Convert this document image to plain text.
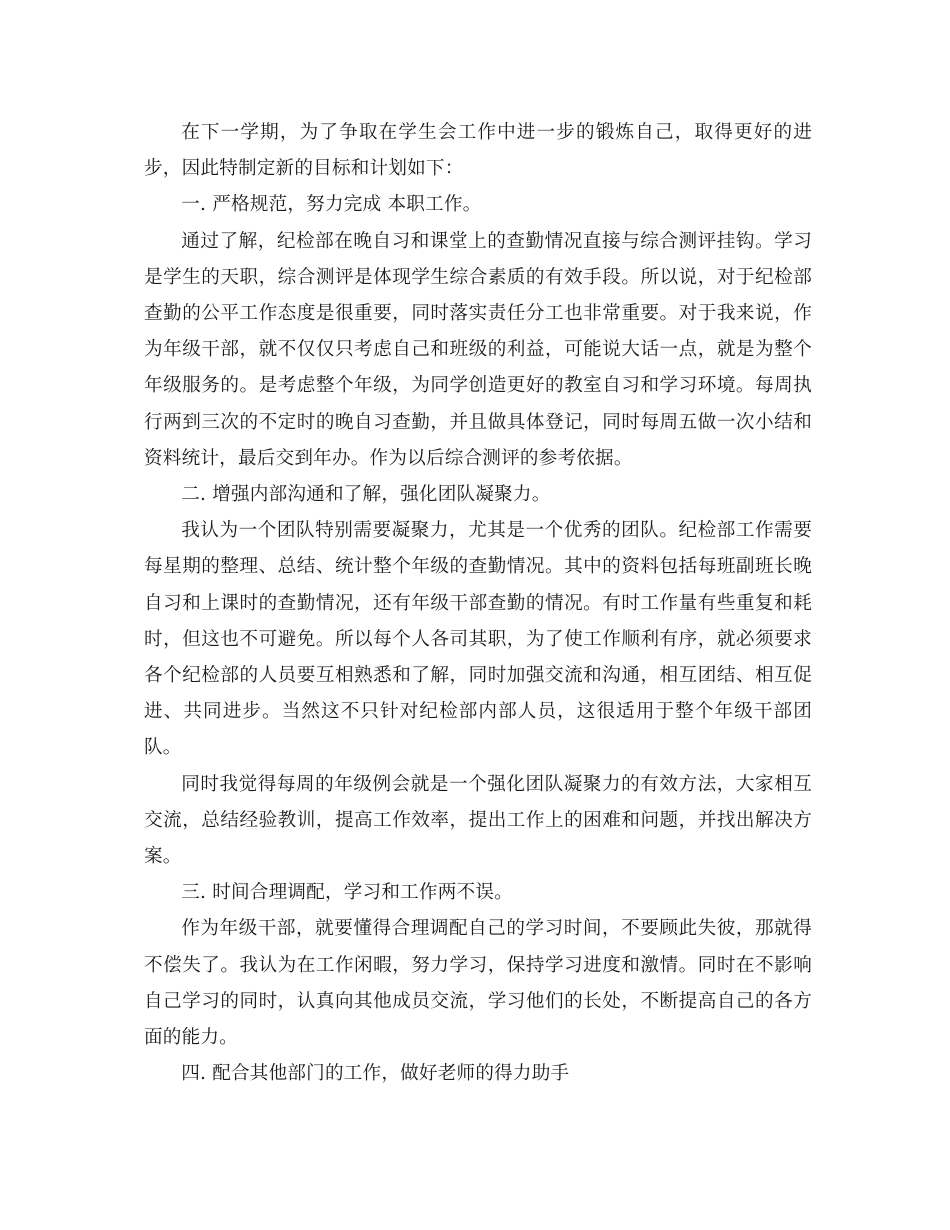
在下一学期，为了争取在学生会工作中进一步的锻炼自己，取得更好的进步，因此特制定新的目标和计划如下：

一. 严格规范，努力完成 本职工作。

通过了解，纪检部在晚自习和课堂上的查勤情况直接与综合测评挂钩。学习是学生的天职，综合测评是体现学生综合素质的有效手段。所以说，对于纪检部查勤的公平工作态度是很重要，同时落实责任分工也非常重要。对于我来说，作为年级干部，就不仅仅只考虑自己和班级的利益，可能说大话一点，就是为整个年级服务的。是考虑整个年级，为同学创造更好的教室自习和学习环境。每周执行两到三次的不定时的晚自习查勤，并且做具体登记，同时每周五做一次小结和资料统计，最后交到年办。作为以后综合测评的参考依据。

二. 增强内部沟通和了解，强化团队凝聚力。

我认为一个团队特别需要凝聚力，尤其是一个优秀的团队。纪检部工作需要每星期的整理、总结、统计整个年级的查勤情况。其中的资料包括每班副班长晚自习和上课时的查勤情况，还有年级干部查勤的情况。有时工作量有些重复和耗时，但这也不可避免。所以每个人各司其职，为了使工作顺利有序，就必须要求各个纪检部的人员要互相熟悉和了解，同时加强交流和沟通，相互团结、相互促进、共同进步。当然这不只针对纪检部内部人员，这很适用于整个年级干部团队。

同时我觉得每周的年级例会就是一个强化团队凝聚力的有效方法，大家相互交流，总结经验教训，提高工作效率，提出工作上的困难和问题，并找出解决方案。

三. 时间合理调配，学习和工作两不误。

作为年级干部，就要懂得合理调配自己的学习时间，不要顾此失彼，那就得不偿失了。我认为在工作闲暇，努力学习，保持学习进度和激情。同时在不影响自己学习的同时，认真向其他成员交流，学习他们的长处，不断提高自己的各方面的能力。

四. 配合其他部门的工作，做好老师的得力助手
